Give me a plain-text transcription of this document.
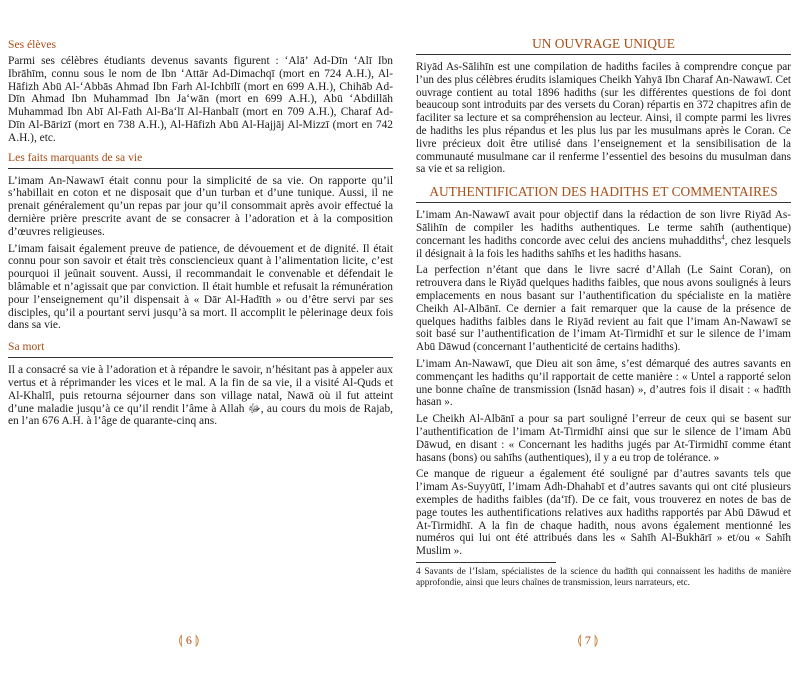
Ses élèves

Parmi ses célèbres étudiants devenus savants figurent : ‘Alā’ Ad-Dīn ‘Alī Ibn Ibrāhīm, connu sous le nom de Ibn ‘Attār Ad-Dimachqī (mort en 724 A.H.), Al-Hāfizh Abū Al-‘Abbās Ahmad Ibn Farh Al-Ichbīlī (mort en 699 A.H.), Chihāb Ad-Dīn Ahmad Ibn Muhammad Ibn Ja‘wān (mort en 699 A.H.), Abū ‘Abdillāh Muhammad Ibn Abī Al-Fath Al-Ba‘lī Al-Hanbalī (mort en 709 A.H.), Charaf Ad-Dīn Al-Bārizī (mort en 738 A.H.), Al-Hāfizh Abū Al-Hajjāj Al-Mizzī (mort en 742 A.H.), etc.

Les faits marquants de sa vie

L’imam An-Nawawī était connu pour la simplicité de sa vie. On rapporte qu’il s’habillait en coton et ne disposait que d’un turban et d’une tunique. Aussi, il ne prenait généralement qu’un repas par jour qu’il consommait après avoir effectué la dernière prière prescrite avant de se consacrer à l’adoration et à la composition d’œuvres religieuses.

L’imam faisait également preuve de patience, de dévouement et de dignité. Il était connu pour son savoir et était très consciencieux quant à l’alimentation licite, c’est pourquoi il jeûnait souvent. Aussi, il recommandait le convenable et défendait le blâmable et n’agissait que par conviction. Il était humble et refusait la rémunération pour l’enseignement qu’il dispensait à « Dār Al-Hadīth » ou d’être servi par ses disciples, qu’il a pourtant servi jusqu’à sa mort. Il accomplit le pèlerinage deux fois dans sa vie.

Sa mort

Il a consacré sa vie à l’adoration et à répandre le savoir, n’hésitant pas à appeler aux vertus et à réprimander les vices et le mal. A la fin de sa vie, il a visité Al-Quds et Al-Khalīl, puis retourna séjourner dans son village natal, Nawā où il fut atteint d’une maladie jusqu’à ce qu’il rendit l’âme à Allah ﷻ, au cours du mois de Rajab, en l’an 676 A.H. à l’âge de quarante-cinq ans.

UN OUVRAGE UNIQUE

Riyād As-Sālihīn est une compilation de hadiths faciles à comprendre conçue par l’un des plus célèbres érudits islamiques Cheikh Yahyā Ibn Charaf An-Nawawī. Cet ouvrage contient au total 1896 hadiths (sur les différentes questions de foi dont beaucoup sont introduits par des versets du Coran) répartis en 372 chapitres afin de faciliter sa lecture et sa compréhension au lecteur. Ainsi, il compte parmi les livres de hadiths les plus répandus et les plus lus par les musulmans après le Coran. Ce livre précieux doit être utilisé dans l’enseignement et la sensibilisation de la communauté musulmane car il renferme l’essentiel des besoins du musulman dans sa vie et sa religion.

AUTHENTIFICATION DES HADITHS ET COMMENTAIRES

L’imam An-Nawawī avait pour objectif dans la rédaction de son livre Riyād As-Sālihīn de compiler les hadiths authentiques. Le terme sahīh (authentique) concernant les hadiths concorde avec celui des anciens muhaddiths$^4$, chez lesquels il désignait à la fois les hadiths sahīhs et les hadiths hasans.

La perfection n’étant que dans le livre sacré d’Allah (Le Saint Coran), on retrouvera dans le Riyād quelques hadiths faibles, que nous avons soulignés à leurs emplacements en nous basant sur l’authentification du spécialiste en la matière Cheikh Al-Albānī. Ce dernier a fait remarquer que la cause de la présence de quelques hadiths faibles dans le Riyād revient au fait que l’imam An-Nawawī se soit basé sur l’authentification de l’imam At-Tirmidhī et sur le silence de l’imam Abū Dāwud (concernant l’authenticité de certains hadiths).

L’imam An-Nawawī, que Dieu ait son âme, s’est démarqué des autres savants en commençant les hadiths qu’il rapportait de cette manière : « Untel a rapporté selon une bonne chaîne de transmission (Isnād hasan) », d’autres fois il disait : « hadīth hasan ».

Le Cheikh Al-Albānī a pour sa part souligné l’erreur de ceux qui se basent sur l’authentification de l’imam At-Tirmidhī ainsi que sur le silence de l’imam Abū Dāwud, en disant : « Concernant les hadiths jugés par At-Tirmidhī comme étant hasans (bons) ou sahīhs (authentiques), il y a eu trop de tolérance. »

Ce manque de rigueur a également été souligné par d’autres savants tels que l’imam As-Suyyūtī, l’imam Adh-Dhahabī et d’autres savants qui ont cité plusieurs exemples de hadiths faibles (da‘īf). De ce fait, vous trouverez en notes de bas de page toutes les authentifications relatives aux hadiths rapportés par Abū Dāwud et At-Tirmidhī. A la fin de chaque hadith, nous avons également mentionné les numéros qui lui ont été attribués dans les « Sahīh Al-Bukhārī » et/ou « Sahīh Muslim ».

4 Savants de l’Islam, spécialistes de la science du hadīth qui connaissent les hadiths de manière approfondie, ainsi que leurs chaînes de transmission, leurs narrateurs, etc.

⟬ 6 ⟭	⟬ 7 ⟭
